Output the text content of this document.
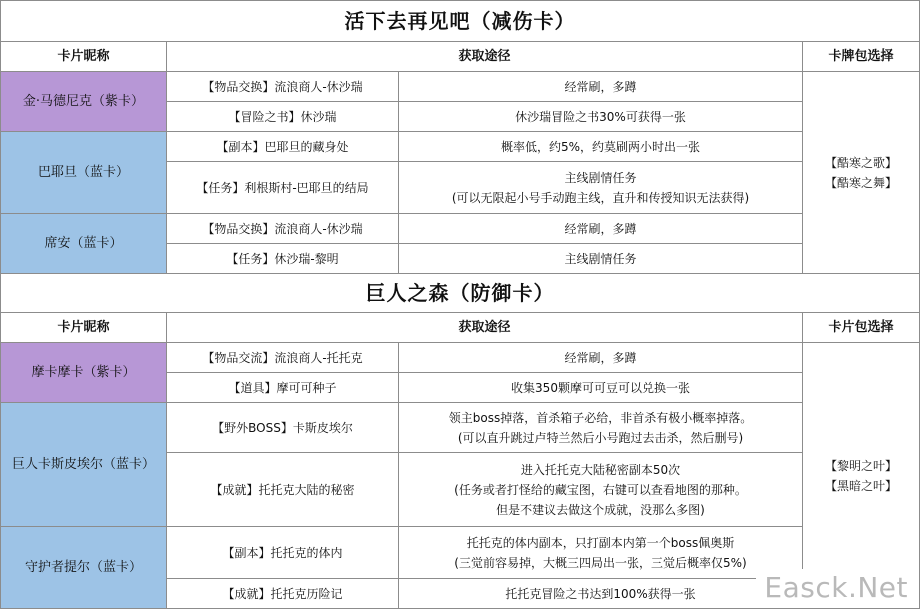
活下去再见吧（减伤卡）			
卡片昵称	获取途径		卡牌包选择
金·马德尼克（紫卡）	【物品交换】流浪商人-休沙瑞	经常刷，多蹲	【酷寒之歌】
【酷寒之舞】

	【冒险之书】休沙瑞	休沙瑞冒险之书30%可获得一张	

巴耶旦（蓝卡）	【副本】巴耶旦的藏身处	概率低，约5%，约莫刷两小时出一张	

	【任务】利根斯村-巴耶旦的结局	主线剧情任务
(可以无限起小号手动跑主线，直升和传授知识无法获得)	

席安（蓝卡）	【物品交换】流浪商人-休沙瑞	经常刷，多蹲	

	【任务】休沙瑞-黎明	主线剧情任务	

巨人之森（防御卡）			
卡片昵称	获取途径		卡片包选择
摩卡摩卡（紫卡）	【物品交流】流浪商人-托托克	经常刷，多蹲	【黎明之叶】
【黑暗之叶】

	【道具】摩可可种子	收集350颗摩可可豆可以兑换一张	

巨人卡斯皮埃尔（蓝卡）	【野外BOSS】卡斯皮埃尔	领主boss掉落，首杀箱子必给，非首杀有极小概率掉落。
(可以直升跳过卢特兰然后小号跑过去击杀，然后删号)	

	【成就】托托克大陆的秘密	进入托托克大陆秘密副本50次
(任务或者打怪给的藏宝图，右键可以查看地图的那种。
但是不建议去做这个成就，没那么多图)	

守护者提尔（蓝卡）	【副本】托托克的体内	托托克的体内副本，只打副本内第一个boss佩奥斯
(三觉前容易掉，大概三四局出一张，三觉后概率仅5%)	

	【成就】托托克历险记	托托克冒险之书达到100%获得一张		Easck.Net
